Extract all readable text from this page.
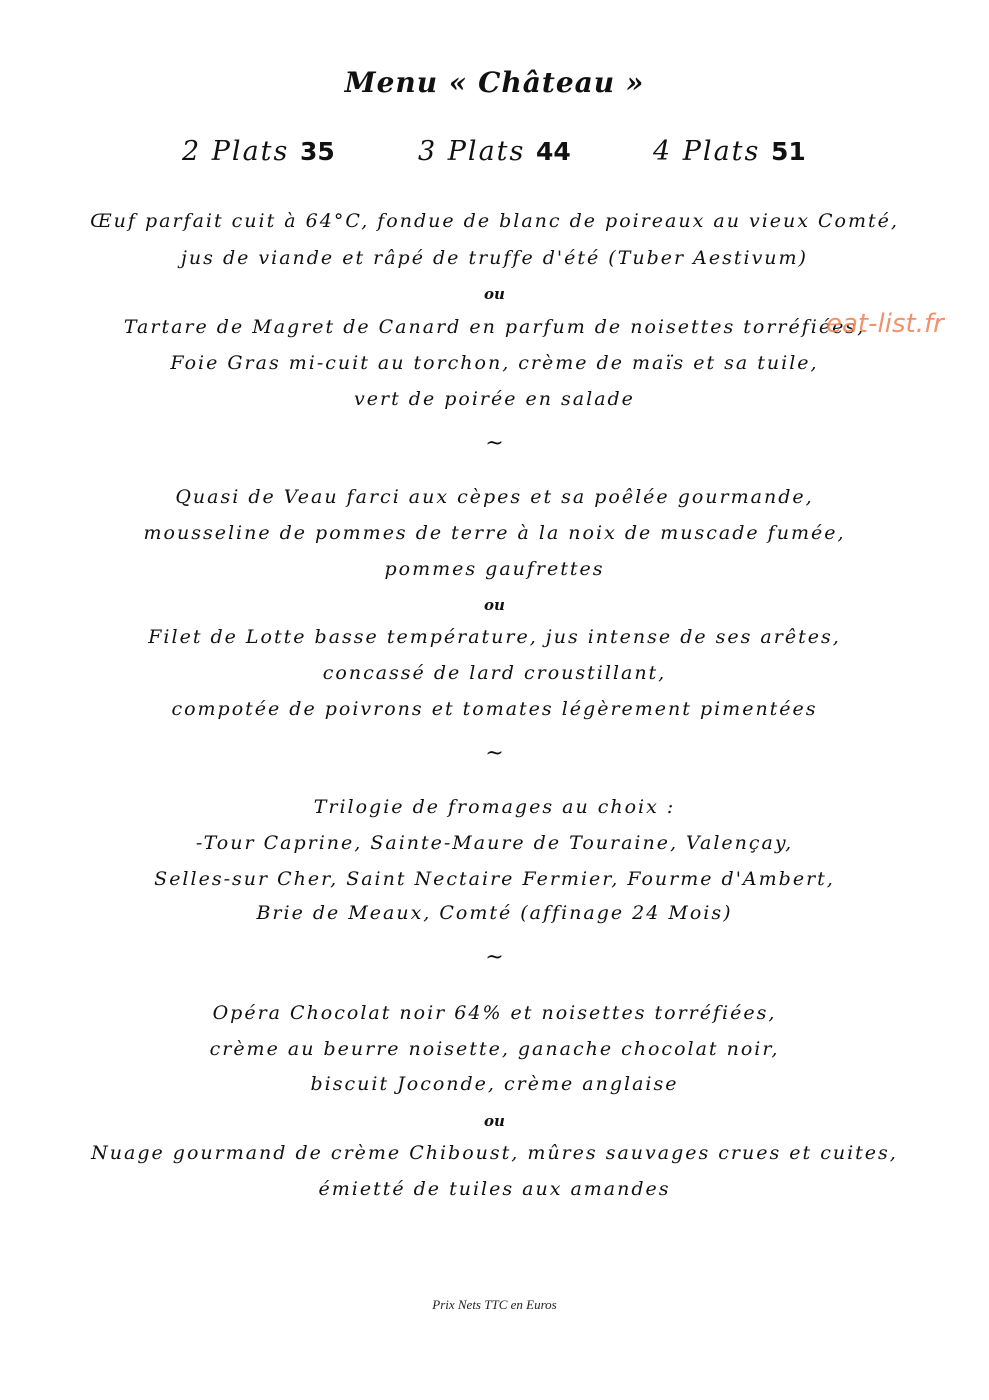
Menu « Château »
2 Plats 35	3 Plats 44	4 Plats 51
Œuf parfait cuit à 64°C, fondue de blanc de poireaux au vieux Comté,
jus de viande et râpé de truffe d'été (Tuber Aestivum)
ou
Tartare de Magret de Canard en parfum de noisettes torréfiées,
Foie Gras mi-cuit au torchon, crème de maïs et sa tuile,
vert de poirée en salade
~
Quasi de Veau farci aux cèpes et sa poêlée gourmande,
mousseline de pommes de terre à la noix de muscade fumée,
pommes gaufrettes
ou
Filet de Lotte basse température, jus intense de ses arêtes,
concassé de lard croustillant,
compotée de poivrons et tomates légèrement pimentées
~
Trilogie de fromages au choix :
-Tour Caprine, Sainte-Maure de Touraine, Valençay,
Selles-sur Cher, Saint Nectaire Fermier, Fourme d'Ambert,
Brie de Meaux, Comté (affinage 24 Mois)
~
Opéra Chocolat noir 64% et noisettes torréfiées,
crème au beurre noisette, ganache chocolat noir,
biscuit Joconde, crème anglaise
ou
Nuage gourmand de crème Chiboust, mûres sauvages crues et cuites,
émietté de tuiles aux amandes
Prix Nets TTC en Euros
eat-list.fr
